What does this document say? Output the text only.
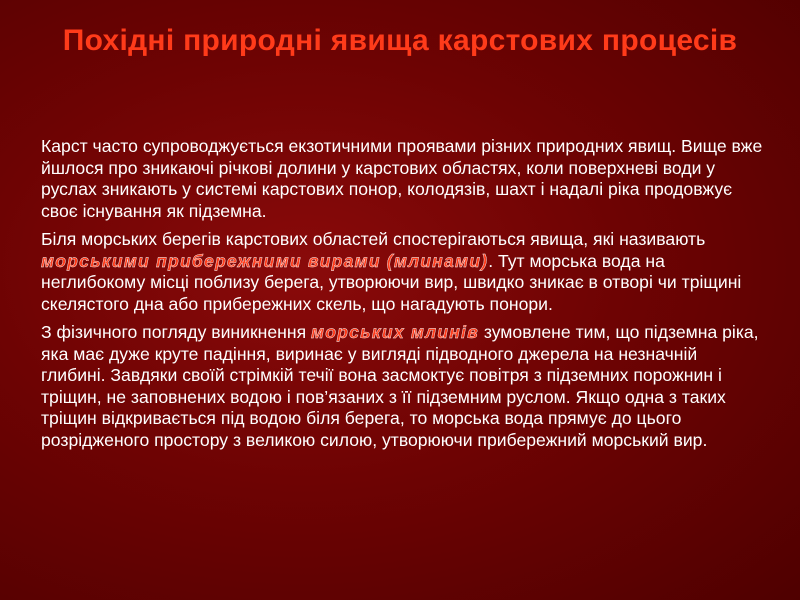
Похідні природні явища карстових процесів

Карст часто супроводжується екзотичними проявами різних природних явищ. Вище вже йшлося про зникаючі річкові долини у карстових областях, коли поверхневі води у руслах зникають у системі карстових понор, колодязів, шахт і надалі ріка продовжує своє існування як підземна.

Біля морських берегів карстових областей спостерігаються явища, які називають морськими прибережними вирами (млинами). Тут морська вода на неглибокому місці поблизу берега, утворюючи вир, швидко зникає в отворі чи тріщині скелястого дна або прибережних скель, що нагадують понори.

З фізичного погляду виникнення морських млинів зумовлене тим, що підземна ріка, яка має дуже круте падіння, виринає у вигляді підводного джерела на незначній глибині. Завдяки своїй стрімкій течії вона засмоктує повітря з підземних порожнин і тріщин, не заповнених водою і пов’язаних з її підземним руслом. Якщо одна з таких тріщин відкривається під водою біля берега, то морська вода прямує до цього розрідженого простору з великою силою, утворюючи прибережний морський вир.
